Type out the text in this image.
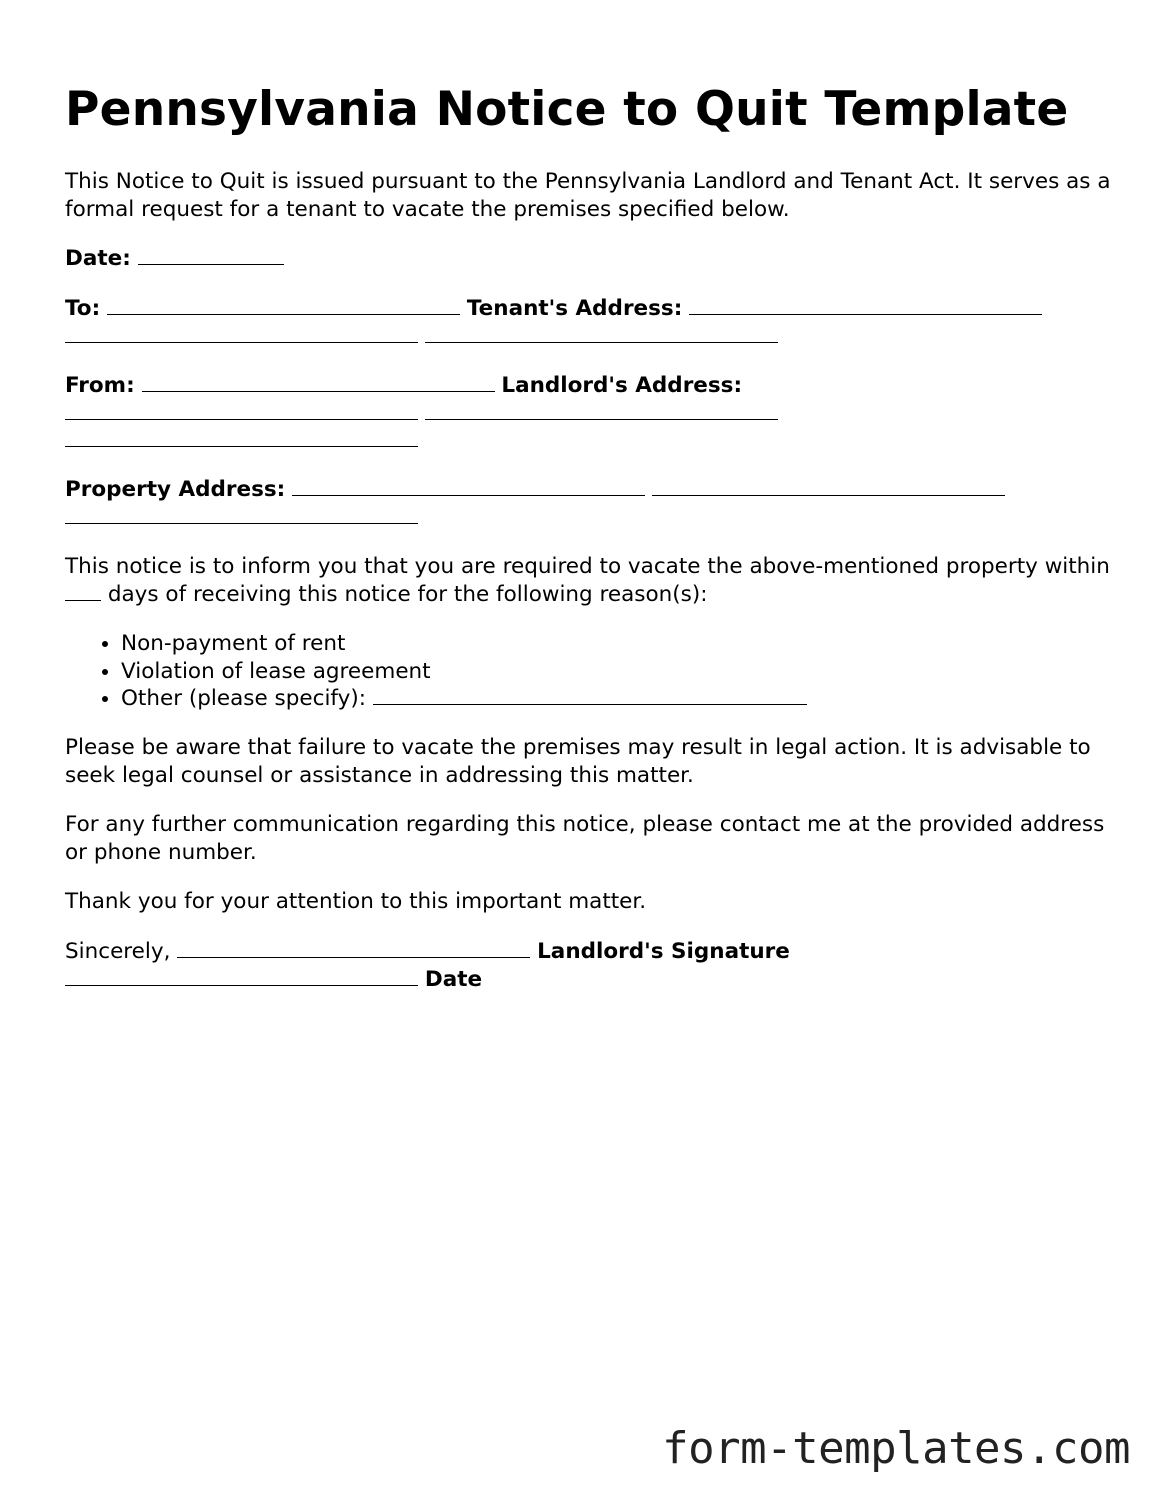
Pennsylvania Notice to Quit Template
This Notice to Quit is issued pursuant to the Pennsylvania Landlord and Tenant Act. It serves as a formal request for a tenant to vacate the premises specified below.
Date:
To:	Tenant's Address:

From:	Landlord's Address:

Property Address:
This notice is to inform you that you are required to vacate the above-mentioned property within  days of receiving this notice for the following reason(s):
• Non-payment of rent
• Violation of lease agreement
• Other (please specify):
Please be aware that failure to vacate the premises may result in legal action. It is advisable to seek legal counsel or assistance in addressing this matter.
For any further communication regarding this notice, please contact me at the provided address or phone number.
Thank you for your attention to this important matter.
Sincerely,	Landlord's Signature
Date
form-templates.com
